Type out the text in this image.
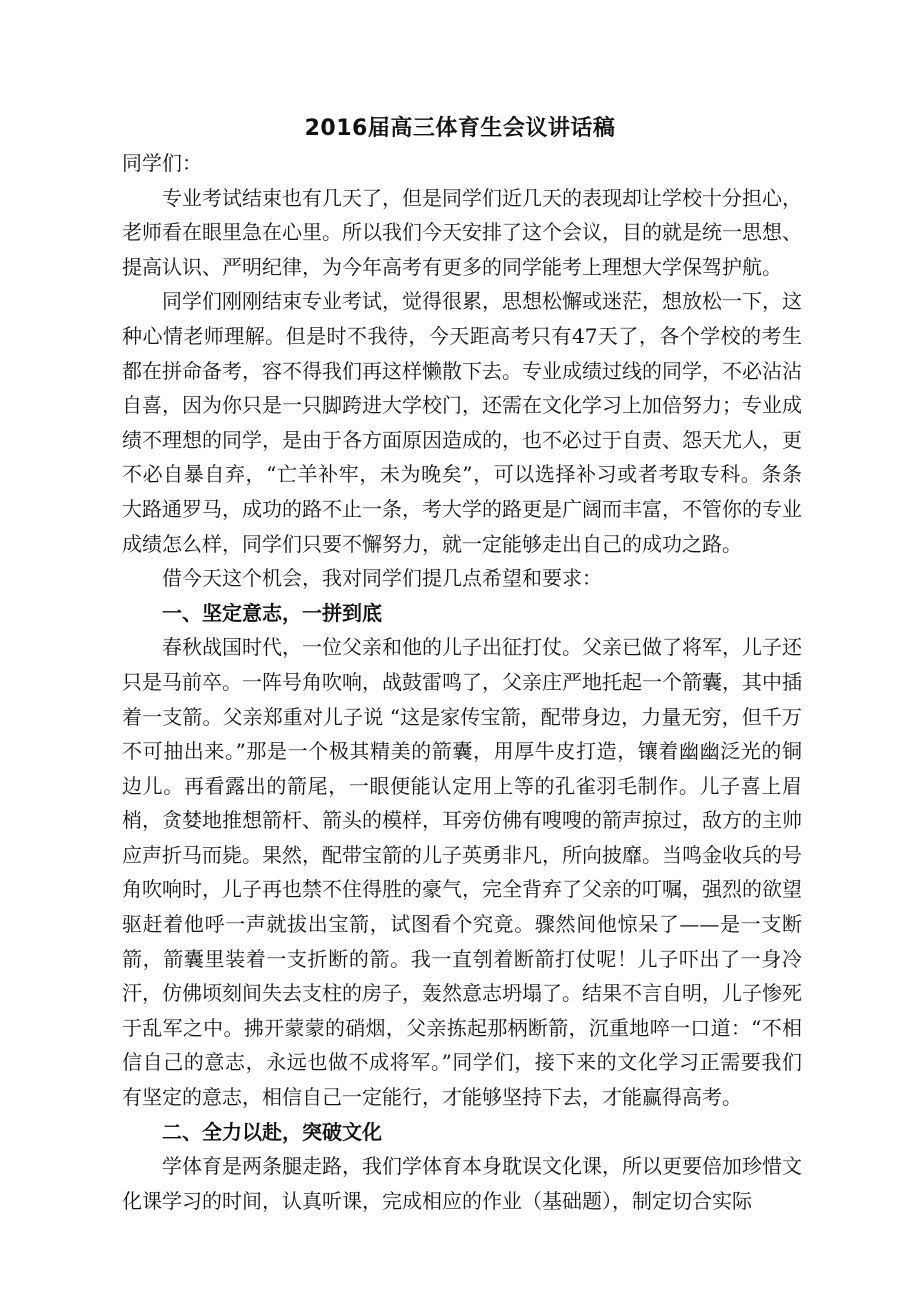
2016届高三体育生会议讲话稿

同学们：

专业考试结束也有几天了，但是同学们近几天的表现却让学校十分担心，老师看在眼里急在心里。所以我们今天安排了这个会议，目的就是统一思想、提高认识、严明纪律，为今年高考有更多的同学能考上理想大学保驾护航。

同学们刚刚结束专业考试，觉得很累，思想松懈或迷茫，想放松一下，这种心情老师理解。但是时不我待，今天距高考只有47天了，各个学校的考生都在拼命备考，容不得我们再这样懒散下去。专业成绩过线的同学，不必沾沾自喜，因为你只是一只脚跨进大学校门，还需在文化学习上加倍努力；专业成绩不理想的同学，是由于各方面原因造成的，也不必过于自责、怨天尤人，更不必自暴自弃，“亡羊补牢，未为晚矣”，可以选择补习或者考取专科。条条大路通罗马，成功的路不止一条，考大学的路更是广阔而丰富，不管你的专业成绩怎么样，同学们只要不懈努力，就一定能够走出自己的成功之路。

借今天这个机会，我对同学们提几点希望和要求：

一、坚定意志，一拼到底

春秋战国时代，一位父亲和他的儿子出征打仗。父亲已做了将军，儿子还只是马前卒。一阵号角吹响，战鼓雷鸣了，父亲庄严地托起一个箭囊，其中插着一支箭。父亲郑重对儿子说 “这是家传宝箭，配带身边，力量无穷，但千万不可抽出来。”那是一个极其精美的箭囊，用厚牛皮打造，镶着幽幽泛光的铜边儿。再看露出的箭尾，一眼便能认定用上等的孔雀羽毛制作。儿子喜上眉梢，贪婪地推想箭杆、箭头的模样，耳旁仿佛有嗖嗖的箭声掠过，敌方的主帅应声折马而毙。果然，配带宝箭的儿子英勇非凡，所向披靡。当鸣金收兵的号角吹响时，儿子再也禁不住得胜的豪气，完全背弃了父亲的叮嘱，强烈的欲望驱赶着他呼一声就拔出宝箭，试图看个究竟。骤然间他惊呆了——是一支断箭，箭囊里装着一支折断的箭。我一直刳着断箭打仗呢！儿子吓出了一身冷汗，仿佛顷刻间失去支柱的房子，轰然意志坍塌了。结果不言自明，儿子惨死于乱军之中。拂开蒙蒙的硝烟，父亲拣起那柄断箭，沉重地啐一口道：“不相信自己的意志，永远也做不成将军。”同学们，接下来的文化学习正需要我们有坚定的意志，相信自己一定能行，才能够坚持下去，才能赢得高考。

二、全力以赴，突破文化

学体育是两条腿走路，我们学体育本身耽误文化课，所以更要倍加珍惜文化课学习的时间，认真听课，完成相应的作业（基础题），制定切合实际
